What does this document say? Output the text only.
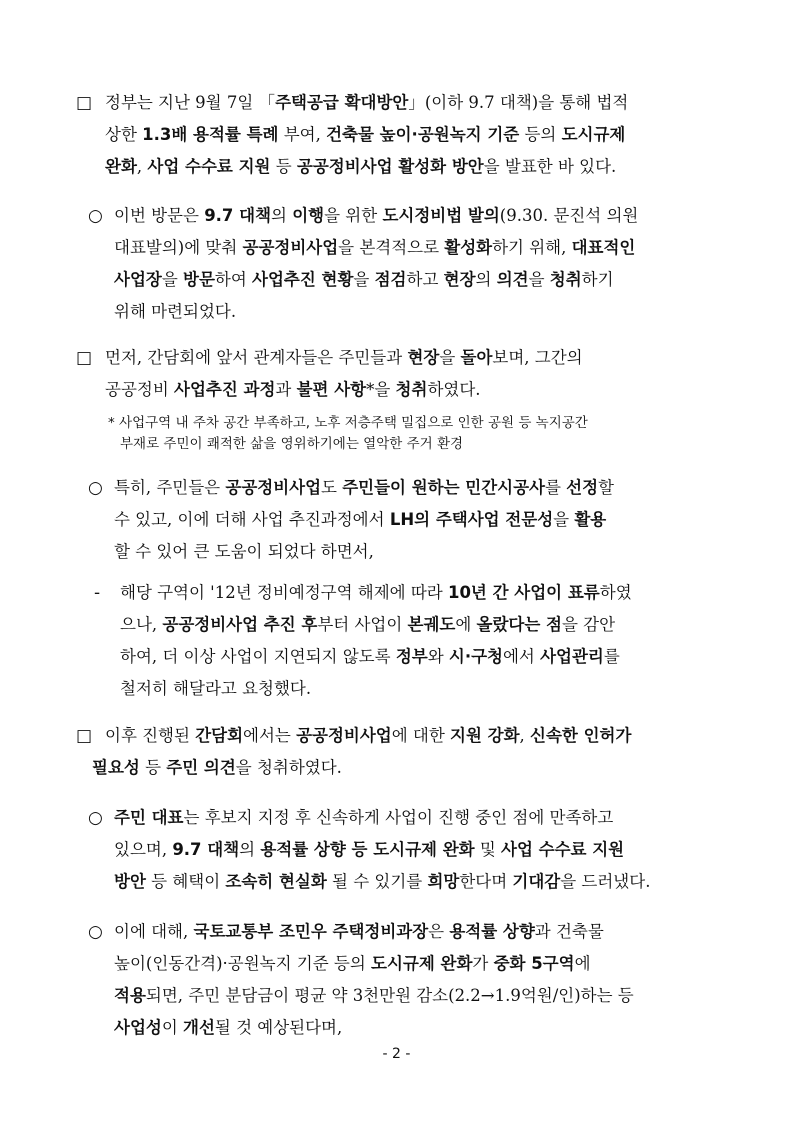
□ 정부는 지난 9월 7일 「주택공급 확대방안」(이하 9.7 대책)을 통해 법적
상한 1.3배 용적률 특례 부여, 건축물 높이·공원녹지 기준 등의 도시규제
완화, 사업 수수료 지원 등 공공정비사업 활성화 방안을 발표한 바 있다.
○ 이번 방문은 9.7 대책의 이행을 위한 도시정비법 발의(9.30. 문진석 의원
대표발의)에 맞춰 공공정비사업을 본격적으로 활성화하기 위해, 대표적인
사업장을 방문하여 사업추진 현황을 점검하고 현장의 의견을 청취하기
위해 마련되었다.
□ 먼저, 간담회에 앞서 관계자들은 주민들과 현장을 돌아보며, 그간의
공공정비 사업추진 과정과 불편 사항*을 청취하였다.
* 사업구역 내 주차 공간 부족하고, 노후 저층주택 밀집으로 인한 공원 등 녹지공간
부재로 주민이 쾌적한 삶을 영위하기에는 열악한 주거 환경
○ 특히, 주민들은 공공정비사업도 주민들이 원하는 민간시공사를 선정할
수 있고, 이에 더해 사업 추진과정에서 LH의 주택사업 전문성을 활용
할 수 있어 큰 도움이 되었다 하면서,
- 해당 구역이 '12년 정비예정구역 해제에 따라 10년 간 사업이 표류하였
으나, 공공정비사업 추진 후부터 사업이 본궤도에 올랐다는 점을 감안
하여, 더 이상 사업이 지연되지 않도록 정부와 시·구청에서 사업관리를
철저히 해달라고 요청했다.
□ 이후 진행된 간담회에서는 공공정비사업에 대한 지원 강화, 신속한 인허가
필요성 등 주민 의견을 청취하였다.
○ 주민 대표는 후보지 지정 후 신속하게 사업이 진행 중인 점에 만족하고
있으며, 9.7 대책의 용적률 상향 등 도시규제 완화 및 사업 수수료 지원
방안 등 혜택이 조속히 현실화 될 수 있기를 희망한다며 기대감을 드러냈다.
○ 이에 대해, 국토교통부 조민우 주택정비과장은 용적률 상향과 건축물
높이(인동간격)·공원녹지 기준 등의 도시규제 완화가 중화 5구역에
적용되면, 주민 분담금이 평균 약 3천만원 감소(2.2→1.9억원/인)하는 등
사업성이 개선될 것 예상된다며,
- 2 -
